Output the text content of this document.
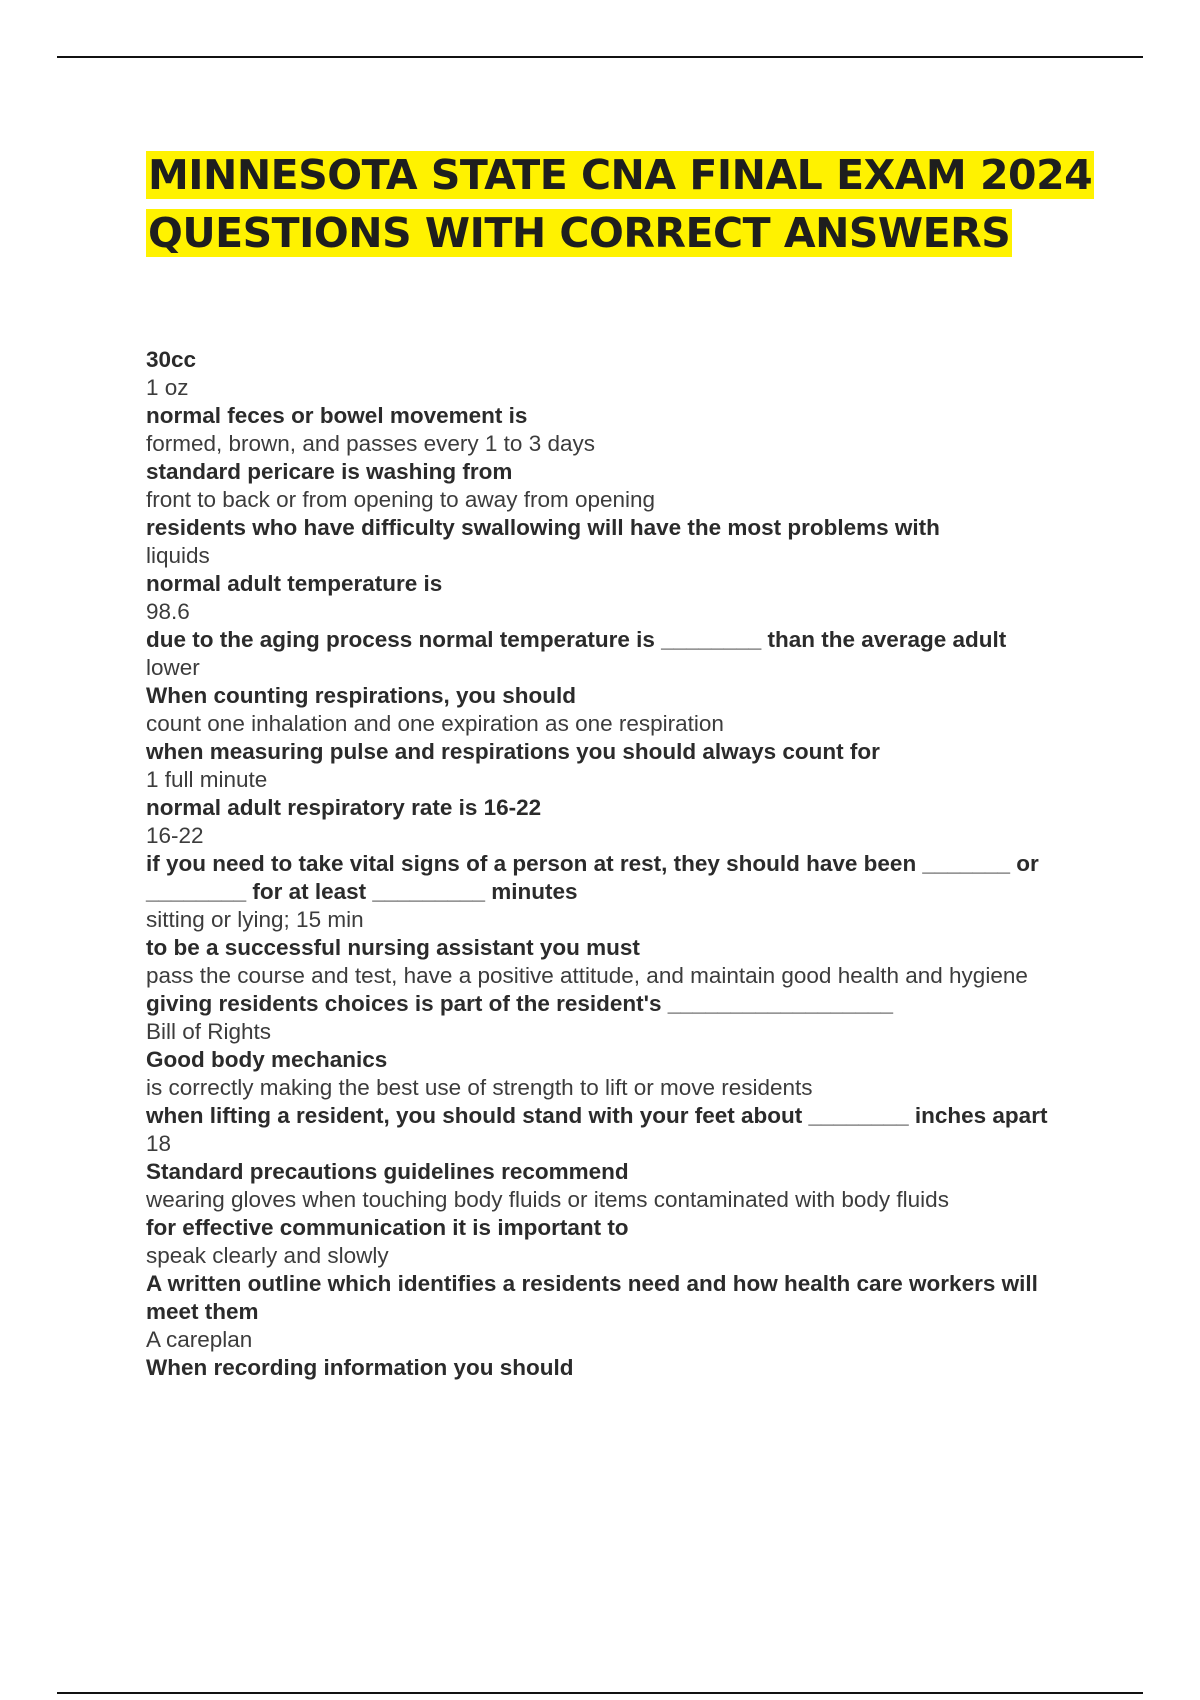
MINNESOTA STATE CNA FINAL EXAM 2024
QUESTIONS WITH CORRECT ANSWERS
30cc
1 oz
normal feces or bowel movement is
formed, brown, and passes every 1 to 3 days
standard pericare is washing from
front to back or from opening to away from opening
residents who have difficulty swallowing will have the most problems with
liquids
normal adult temperature is
98.6
due to the aging process normal temperature is ________ than the average adult
lower
When counting respirations, you should
count one inhalation and one expiration as one respiration
when measuring pulse and respirations you should always count for
1 full minute
normal adult respiratory rate is 16-22
16-22
if you need to take vital signs of a person at rest, they should have been _______ or ________ for at least _________ minutes
sitting or lying; 15 min
to be a successful nursing assistant you must
pass the course and test, have a positive attitude, and maintain good health and hygiene
giving residents choices is part of the resident's __________________
Bill of Rights
Good body mechanics
is correctly making the best use of strength to lift or move residents
when lifting a resident, you should stand with your feet about ________ inches apart
18
Standard precautions guidelines recommend
wearing gloves when touching body fluids or items contaminated with body fluids
for effective communication it is important to
speak clearly and slowly
A written outline which identifies a residents need and how health care workers will meet them
A careplan
When recording information you should
